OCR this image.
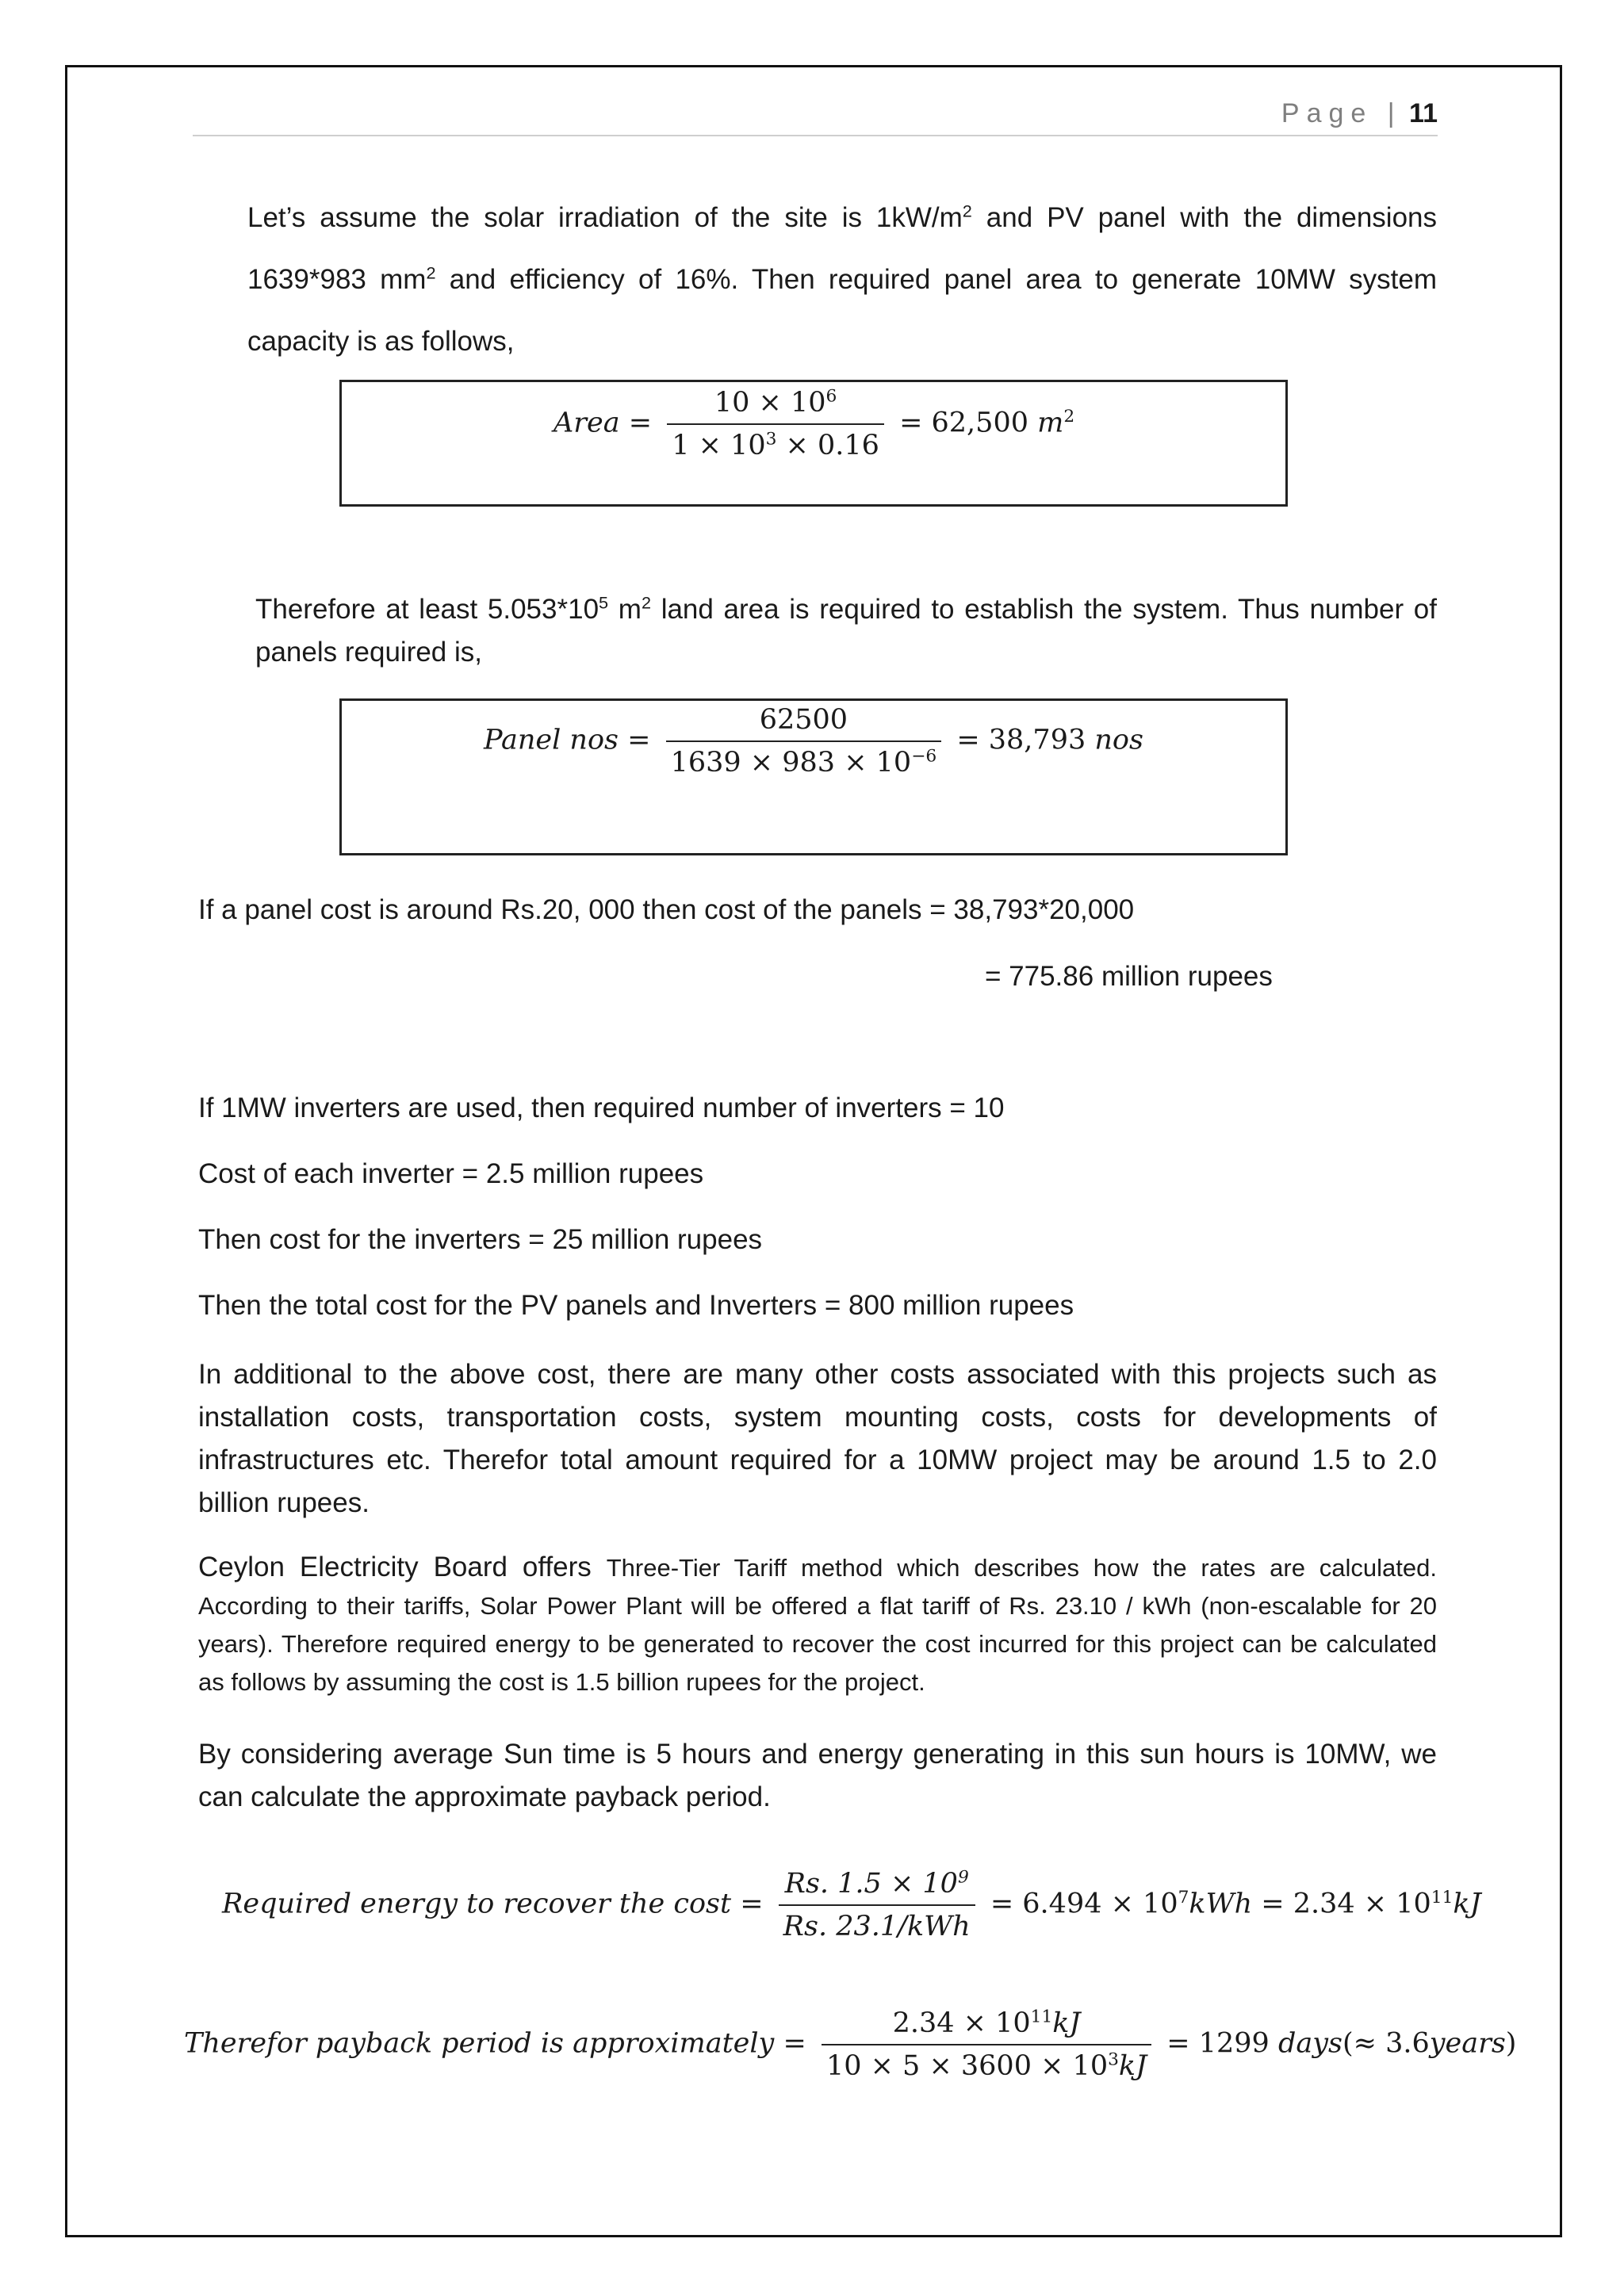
Page | 11
Let’s assume the solar irradiation of the site is $1kW/m^2$ and PV panel with the dimensions 1639*983 $mm^2$ and efficiency of 16%. Then required panel area to generate 10MW system capacity is as follows,
Area = $\frac{10 \times 10^6}{1 \times 10^3 \times 0.16} = 62,500$ $m^2$
Therefore at least $5.053*10^5$ $m^2$ land area is required to establish the system. Thus number of panels required is,
Panel nos = $\frac{62500}{1639 \times 983 \times 10^{-6}} = 38,793$ nos
If a panel cost is around Rs.20, 000 then cost of the panels = 38,793*20,000
= 775.86 million rupees
If 1MW inverters are used, then required number of inverters = 10
Cost of each inverter = 2.5 million rupees
Then cost for the inverters = 25 million rupees
Then the total cost for the PV panels and Inverters = 800 million rupees
In additional to the above cost, there are many other costs associated with this projects such as installation costs, transportation costs, system mounting costs, costs for developments of infrastructures etc. Therefor total amount required for a 10MW project may be around 1.5 to 2.0 billion rupees.
Ceylon Electricity Board offers Three-Tier Tariff method which describes how the rates are calculated. According to their tariffs, Solar Power Plant will be offered a flat tariff of Rs. 23.10 / kWh (non-escalable for 20 years). Therefore required energy to be generated to recover the cost incurred for this project can be calculated as follows by assuming the cost is 1.5 billion rupees for the project.
By considering average Sun time is 5 hours and energy generating in this sun hours is 10MW, we can calculate the approximate payback period.
Required energy to recover the $\cos t = \frac{Rs. 1.5 \times 10^9}{\text{Rs. 23.1/kWh}} = 6.494 \times 10^7kWh = 2.34 \times 10^{11}kJ$
Therefor payback period is approximately = $\frac{2.34 \times 10^{11}kJ}{10 \times 5 \times 3600 \times 10^3kJ} = 1299$ days(≈ 3.6years)
